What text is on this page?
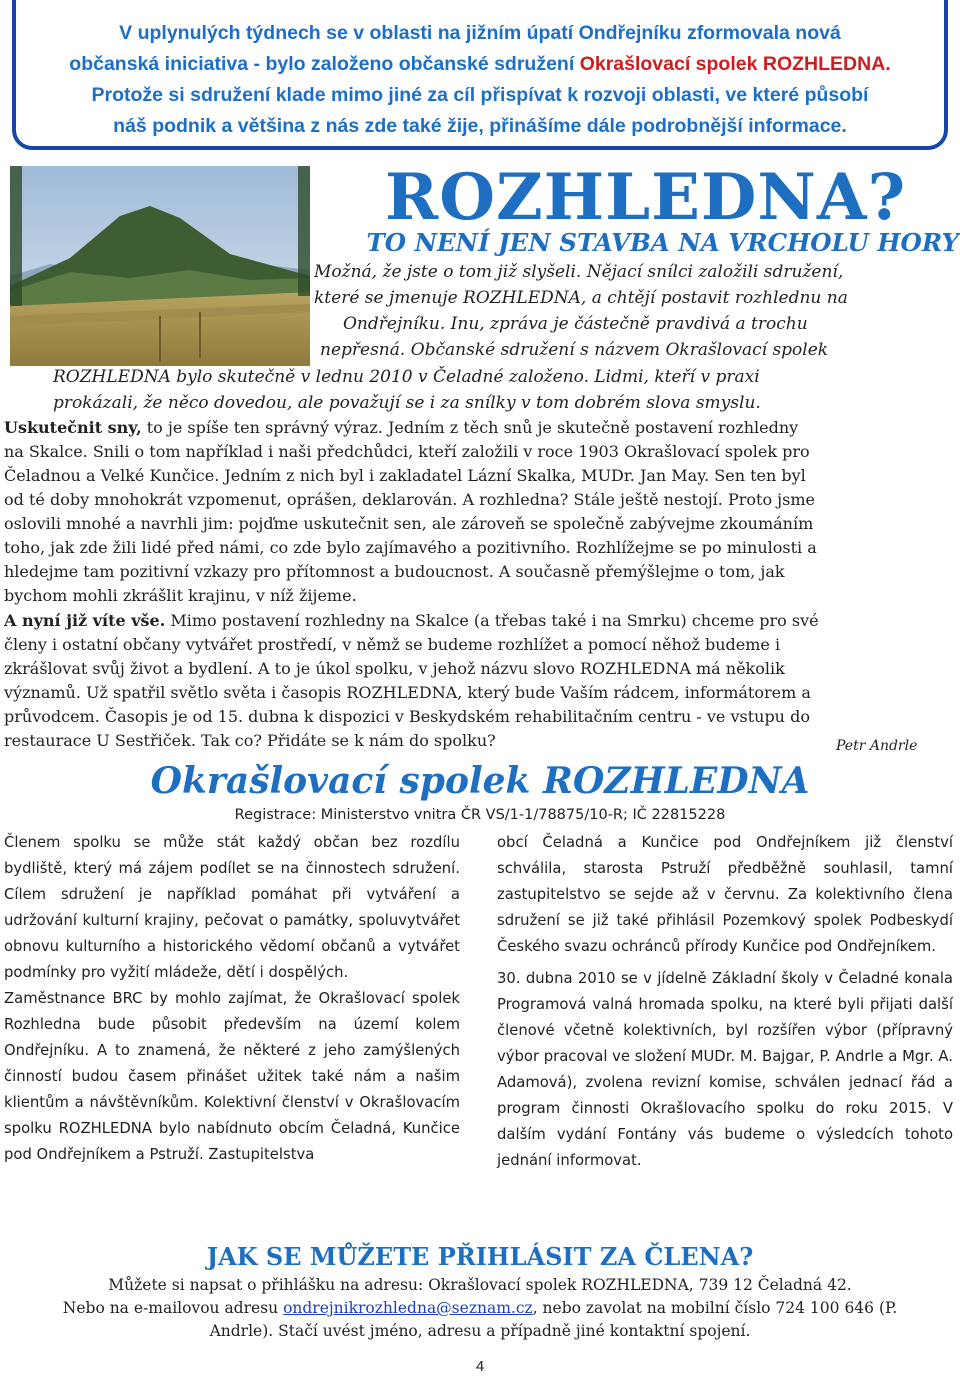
V uplynulých týdnech se v oblasti na jižním úpatí Ondřejníku zformovala nová

občanská iniciativa - bylo založeno občanské sdružení Okrašlovací spolek ROZHLEDNA.

Protože si sdružení klade mimo jiné za cíl přispívat k rozvoji oblasti, ve které působí

náš podnik a většina z nás zde také žije, přinášíme dále podrobnější informace.

ROZHLEDNA?
TO NENÍ JEN STAVBA NA VRCHOLU HORY

Možná, že jste o tom již slyšeli. Nějací snílci založili sdružení,

které se jmenuje ROZHLEDNA, a chtějí postavit rozhlednu na

Ondřejníku. Inu, zpráva je částečně pravdivá a trochu

nepřesná. Občanské sdružení s názvem Okrašlovací spolek

ROZHLEDNA bylo skutečně v lednu 2010 v Čeladné založeno. Lidmi, kteří v praxi

prokázali, že něco dovedou, ale považují se i za snílky v tom dobrém slova smyslu.

Uskutečnit sny, to je spíše ten správný výraz. Jedním z těch snů je skutečně postavení rozhledny

na Skalce. Snili o tom například i naši předchůdci, kteří založili v roce 1903 Okrašlovací spolek pro

Čeladnou a Velké Kunčice. Jedním z nich byl i zakladatel Lázní Skalka, MUDr. Jan May. Sen ten byl

od té doby mnohokrát vzpomenut, oprášen, deklarován. A rozhledna? Stále ještě nestojí. Proto jsme

oslovili mnohé a navrhli jim: pojďme uskutečnit sen, ale zároveň se společně zabývejme zkoumáním

toho, jak zde žili lidé před námi, co zde bylo zajímavého a pozitivního. Rozhlížejme se po minulosti a

hledejme tam pozitivní vzkazy pro přítomnost a budoucnost. A současně přemýšlejme o tom, jak

bychom mohli zkrášlit krajinu, v níž žijeme.

A nyní již víte vše. Mimo postavení rozhledny na Skalce (a třebas také i na Smrku) chceme pro své

členy i ostatní občany vytvářet prostředí, v němž se budeme rozhlížet a pomocí něhož budeme i

zkrášlovat svůj život a bydlení. A to je úkol spolku, v jehož názvu slovo ROZHLEDNA má několik

významů. Už spatřil světlo světa i časopis ROZHLEDNA, který bude Vaším rádcem, informátorem a

průvodcem. Časopis je od 15. dubna k dispozici v Beskydském rehabilitačním centru - ve vstupu do

restaurace U Sestřiček. Tak co? Přidáte se k nám do spolku?	Petr Andrle

Okrašlovací spolek ROZHLEDNA

Registrace: Ministerstvo vnitra ČR VS/1-1/78875/10-R; IČ 22815228

Členem spolku se může stát každý občan bez rozdílu bydliště, který má zájem podílet se na činnostech sdružení. Cílem sdružení je například pomáhat při vytváření a udržování kulturní krajiny, pečovat o památky, spoluvytvářet obnovu kulturního a historického vědomí občanů a vytvářet podmínky pro vyžití mládeže, dětí i dospělých.

Zaměstnance BRC by mohlo zajímat, že Okrašlovací spolek Rozhledna bude působit především na území kolem Ondřejníku. A to znamená, že některé z jeho zamýšlených činností budou časem přinášet užitek také nám a našim klientům a návštěvníkům. Kolektivní členství v Okrašlovacím spolku ROZHLEDNA bylo nabídnuto obcím Čeladná, Kunčice pod Ondřejníkem a Pstruží. Zastupitelstva

obcí Čeladná a Kunčice pod Ondřejníkem již členství schválila, starosta Pstruží předběžně souhlasil, tamní zastupitelstvo se sejde až v červnu. Za kolektivního člena sdružení se již také přihlásil Pozemkový spolek Podbeskydí Českého svazu ochránců přírody Kunčice pod Ondřejníkem.

30. dubna 2010 se v jídelně Základní školy v Čeladné konala Programová valná hromada spolku, na které byli přijati další členové včetně kolektivních, byl rozšířen výbor (přípravný výbor pracoval ve složení MUDr. M. Bajgar, P. Andrle a Mgr. A. Adamová), zvolena revizní komise, schválen jednací řád a program činnosti Okrašlovacího spolku do roku 2015. V dalším vydání Fontány vás budeme o výsledcích tohoto jednání informovat.

JAK SE MŮŽETE PŘIHLÁSIT ZA ČLENA?

Můžete si napsat o přihlášku na adresu: Okrašlovací spolek ROZHLEDNA, 739 12 Čeladná 42.

Nebo na e-mailovou adresu ondrejnikrozhledna@seznam.cz, nebo zavolat na mobilní číslo 724 100 646 (P.

Andrle). Stačí uvést jméno, adresu a případně jiné kontaktní spojení.

4
